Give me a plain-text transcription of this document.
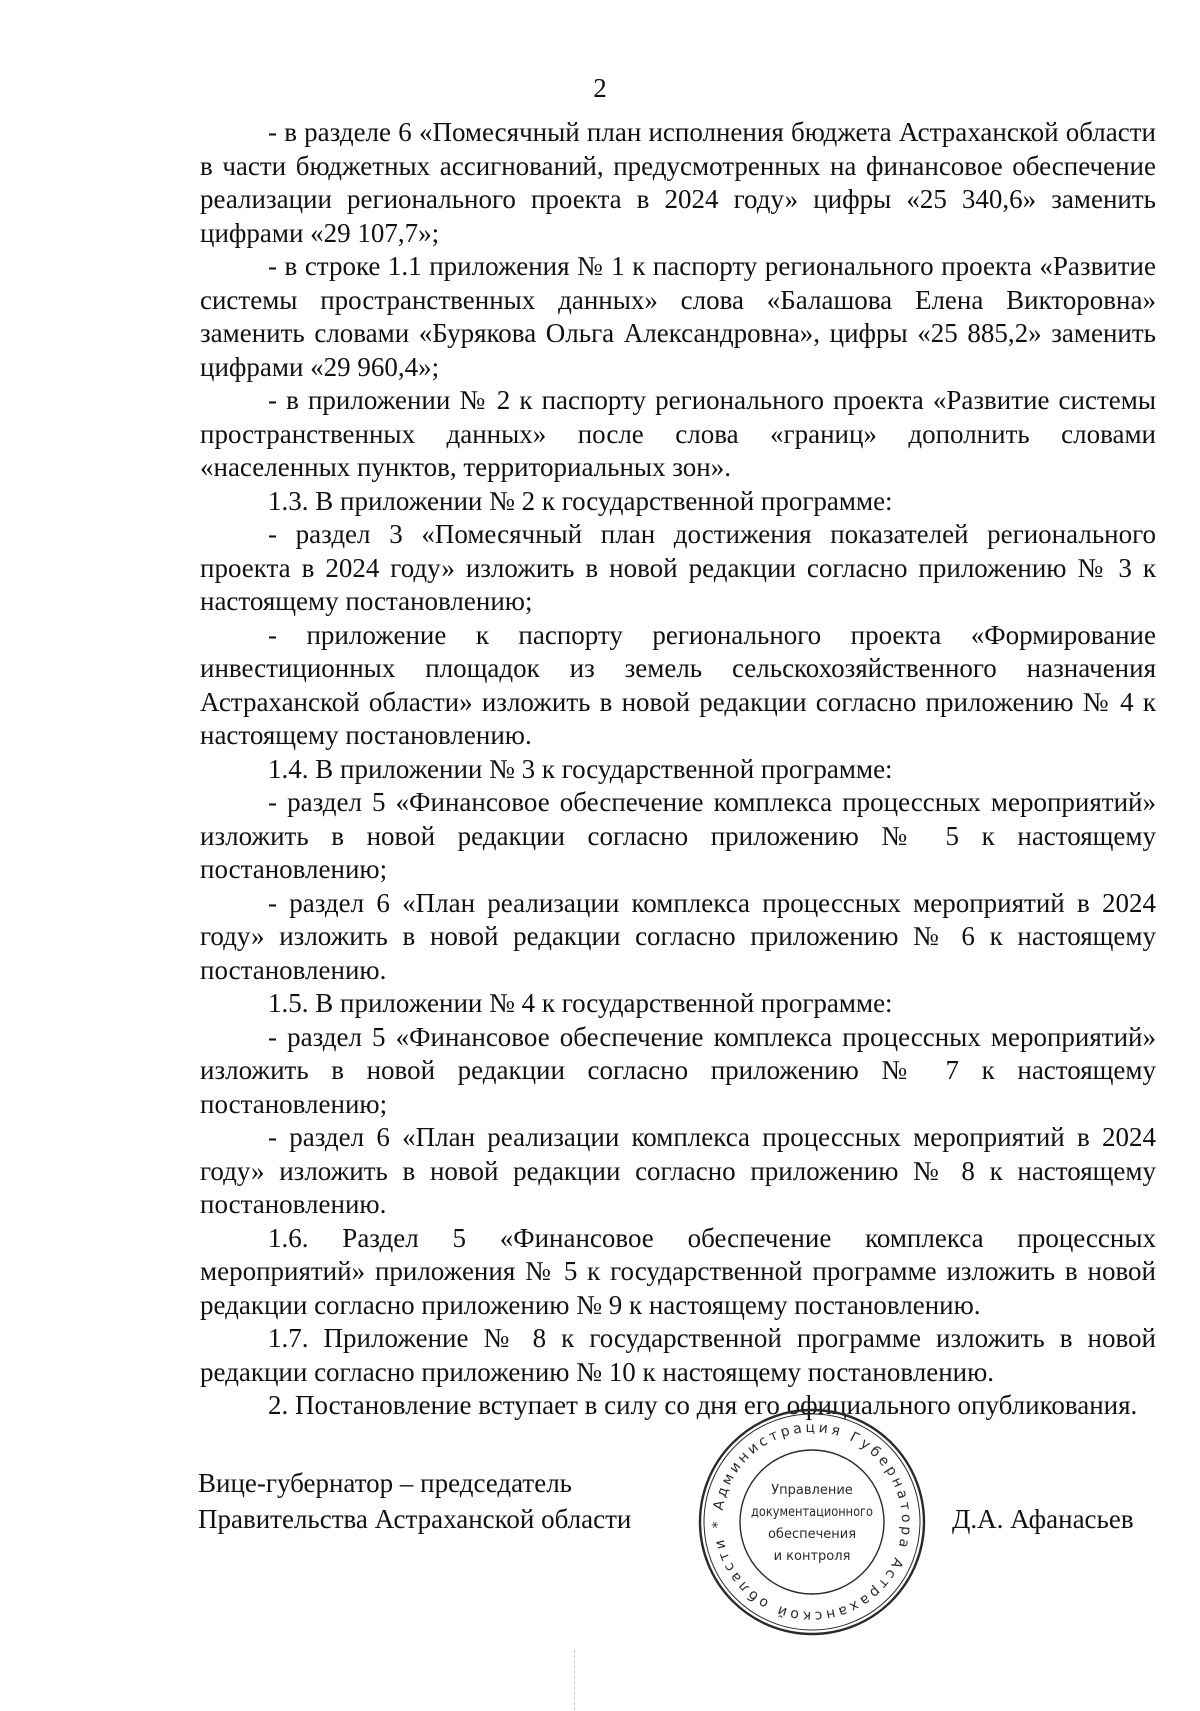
2

- в разделе 6 «Помесячный план исполнения бюджета Астраханской области в части бюджетных ассигнований, предусмотренных на финансовое обеспечение реализации регионального проекта в 2024 году» цифры «25 340,6» заменить цифрами «29 107,7»;

- в строке 1.1 приложения № 1 к паспорту регионального проекта «Развитие системы пространственных данных» слова «Балашова Елена Викторовна» заменить словами «Бурякова Ольга Александровна», цифры «25 885,2» заменить цифрами «29 960,4»;

- в приложении № 2 к паспорту регионального проекта «Развитие системы пространственных данных» после слова «границ» дополнить словами «населенных пунктов, территориальных зон».

1.3. В приложении № 2 к государственной программе:

- раздел 3 «Помесячный план достижения показателей регионального проекта в 2024 году» изложить в новой редакции согласно приложению № 3 к настоящему постановлению;

- приложение к паспорту регионального проекта «Формирование инвестиционных площадок из земель сельскохозяйственного назначения Астраханской области» изложить в новой редакции согласно приложению № 4 к настоящему постановлению.

1.4. В приложении № 3 к государственной программе:

- раздел 5 «Финансовое обеспечение комплекса процессных мероприятий» изложить в новой редакции согласно приложению № 5 к настоящему постановлению;

- раздел 6 «План реализации комплекса процессных мероприятий в 2024 году» изложить в новой редакции согласно приложению № 6 к настоящему постановлению.

1.5. В приложении № 4 к государственной программе:

- раздел 5 «Финансовое обеспечение комплекса процессных мероприятий» изложить в новой редакции согласно приложению № 7 к настоящему постановлению;

- раздел 6 «План реализации комплекса процессных мероприятий в 2024 году» изложить в новой редакции согласно приложению № 8 к настоящему постановлению.

1.6. Раздел 5 «Финансовое обеспечение комплекса процессных мероприятий» приложения № 5 к государственной программе изложить в новой редакции согласно приложению № 9 к настоящему постановлению.

1.7. Приложение № 8 к государственной программе изложить в новой редакции согласно приложению № 10 к настоящему постановлению.

2. Постановление вступает в силу со дня его официального опубликования.

Вице-губернатор – председатель
Правительства Астраханской области	Администрация Губернатора Астраханской области *
Управление
документационного
обеспечения
и контроля
Д.А. Афанасьев
